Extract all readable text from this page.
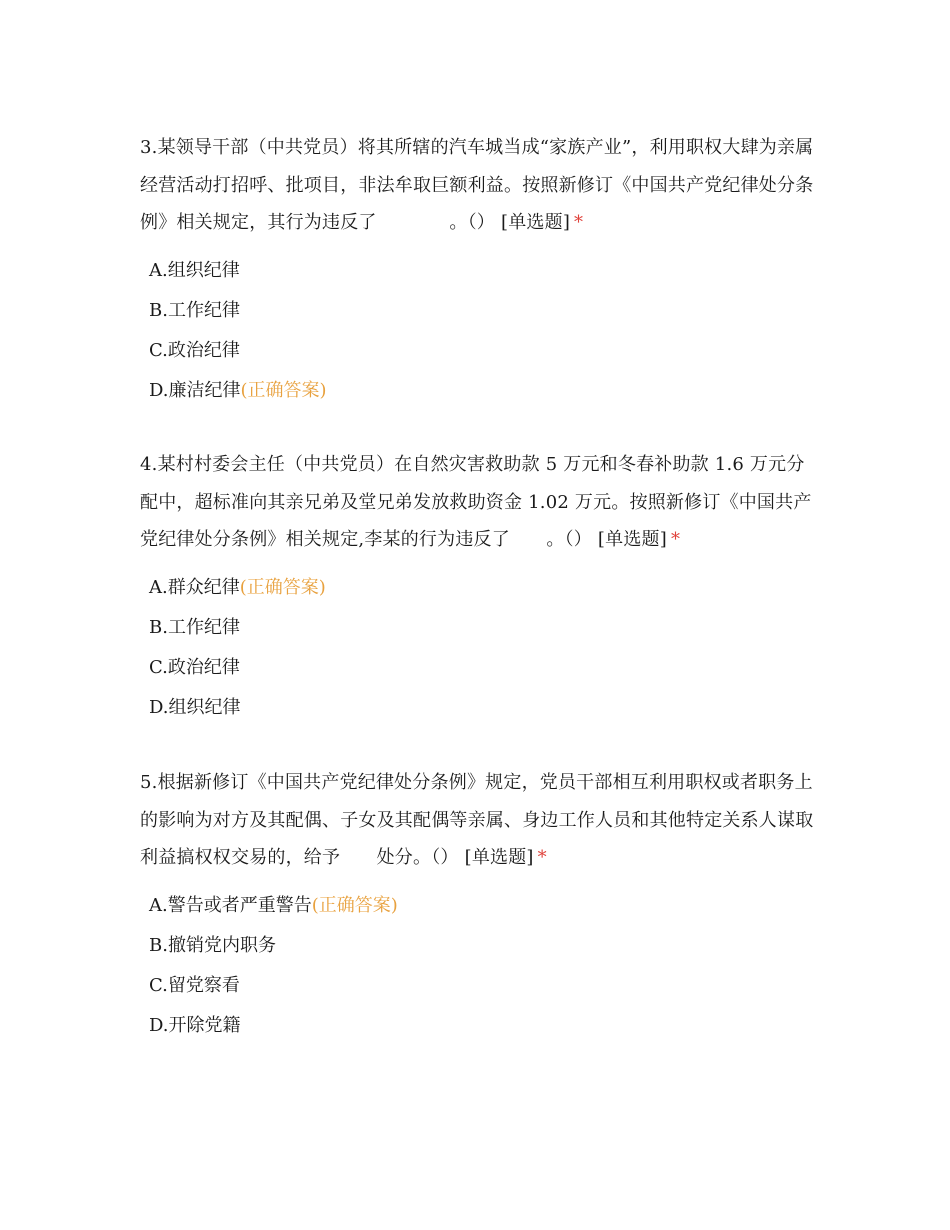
3.某领导干部（中共党员）将其所辖的汽车城当成“家族产业”，利用职权大肆为亲属经营活动打招呼、批项目，非法牟取巨额利益。按照新修订《中国共产党纪律处分条例》相关规定，其行为违反了　　　　。（） [单选题] *

A.组织纪律
B.工作纪律
C.政治纪律
D.廉洁纪律(正确答案)

4.某村村委会主任（中共党员）在自然灾害救助款 5 万元和冬春补助款 1.6 万元分配中，超标准向其亲兄弟及堂兄弟发放救助资金 1.02 万元。按照新修订《中国共产党纪律处分条例》相关规定,李某的行为违反了　　。（） [单选题] *

A.群众纪律(正确答案)
B.工作纪律
C.政治纪律
D.组织纪律

5.根据新修订《中国共产党纪律处分条例》规定，党员干部相互利用职权或者职务上的影响为对方及其配偶、子女及其配偶等亲属、身边工作人员和其他特定关系人谋取利益搞权权交易的，给予　　处分。（） [单选题] *

A.警告或者严重警告(正确答案)
B.撤销党内职务
C.留党察看
D.开除党籍
